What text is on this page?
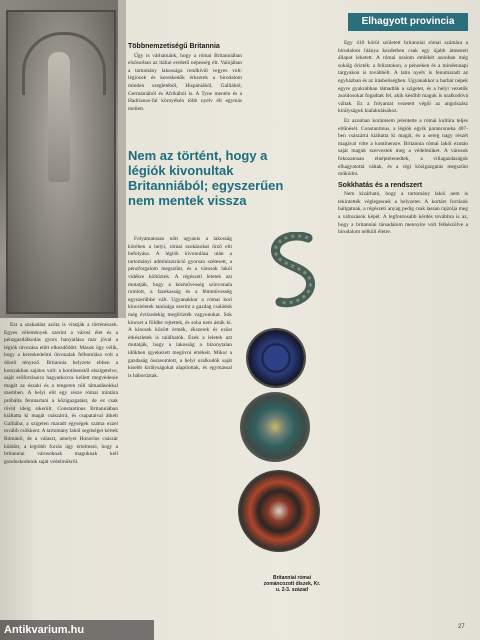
Elhagyott provincia
Többnemzetiségű Britannia

Úgy is várhatnánk, hogy a római Britanniában elsősorban az itáliai eredetű népesség élt. Valójában a tartomány lakossága rendkívül vegyes volt: légiósok és kereskedők érkeztek a birodalom minden szegletéből, Hispániából, Galliából, Germániából és Afrikából is. A Tyne mentén és a Hadrianus-fal környékén több nyelv élt egymás mellett.

Nem az történt, hogy a légiók kivonultak Britanniából; egyszerűen nem mentek vissza

Ezt a szakadást azóta is vitatják a történészek. Egyes vélemények szerint a városi élet és a pénzgazdálkodás gyors hanyatlása már jóval a légiók távozása előtt elkezdődött. Mások úgy vélik, hogy a kereskedelmi útvonalak felbomlása volt a döntő tényező. Britannia helyzete ebben a korszakban sajátos volt: a kontinenstől elszigetelve, saját erőforrásaira hagyatkozva kellett megvédenie magát az északi és a tengeren túli támadásokkal szemben. A helyi elit egy része római mintára próbálta fenntartani a közigazgatást, de ez csak rövid ideig sikerült. Constantinus Britanniában kiáltatta ki magát császárrá, és csapataival átkelt Galliába; a szigeten maradt egységek száma ezzel tovább csökkent. A tartomány lakói segítséget kértek Rómától, de a választ, amelyet Honorius császár küldött, a legtöbb forrás úgy értelmezi, hogy a britanniai városoknak maguknak kell gondoskodniuk saját védelmükről.

Folyamatosan nőtt ugyanis a lakosság körében a helyi, római szokásokat őrző elit befolyása. A légiók kivonulása után a tartományi adminisztráció gyorsan szétesett, a pénzforgalom megszűnt, és a városok lakói vidékre költöztek. A régészeti leletek azt mutatják, hogy a kézművesség színvonala romlott, a fazekasság és a fémművesség egyszerűbbé vált. Ugyanakkor a római kori kincsleletek tanúsága szerint a gazdag családok még évtizedekig megőrizték vagyonukat. Sok kincset a földbe rejtettek, és soha nem ásták ki. A kincsek között érmék, ékszerek és ezüst étkészletek is találhatók. Ezek a leletek azt mutatják, hogy a lakosság a bizonytalan időkben igyekezett megóvni értékeit. Mikor a gazdaság összeomlott, a helyi uralkodók saját kisebb királyságokat alapítottak, és egymással is háborúztak.

Egy 410 körül született britanniai római számára a birodalom hiánya kezdetben csak egy újabb átmeneti állapot lehetett. A római uralom emlékét azonban még sokáig őrizték: a feliratokon, a pénzeken és a mindennapi tárgyakon is továbbélt. A latin nyelv is fennmaradt az egyházban és az írásbeliségben. Ugyanakkor a barbár népek egyre gyakrabban támadták a szigetet, és a helyi vezetők zsoldosokat fogadtak fel, akik később maguk is uralkodóvá váltak. Ez a folyamat vezetett végül az angolszász királyságok kialakulásához.

Ez azonban korántsem jelentette a római kultúra teljes eltűnését. Constantinus, a légiók egyik parancsnoka 407-ben császárrá kiáltatta ki magát, és a sereg nagy részét magával vitte a kontinensre. Britannia római lakói ezután saját maguk szerveztek meg a védelmüket. A városok fokozatosan elnéptelenedtek, a villagazdaságok elhagyatottá váltak, és a régi közigazgatás megszűnt működni.

Sokkhatás és a rendszert

Nem kizárható, hogy a tartomány lakói nem is tekintették véglegesnek a helyzetet. A kortárs források hallgatnak, a régészeti anyag pedig csak lassan rajzolja meg a változások képét. A legfontosabb kérdés továbbra is az, hogy a britanniai társadalom mennyire volt felkészülve a birodalom nélküli életre.

Britanniai római zománcozott díszek, Kr. u. 2-3. század
Antikvarium.hu	27
